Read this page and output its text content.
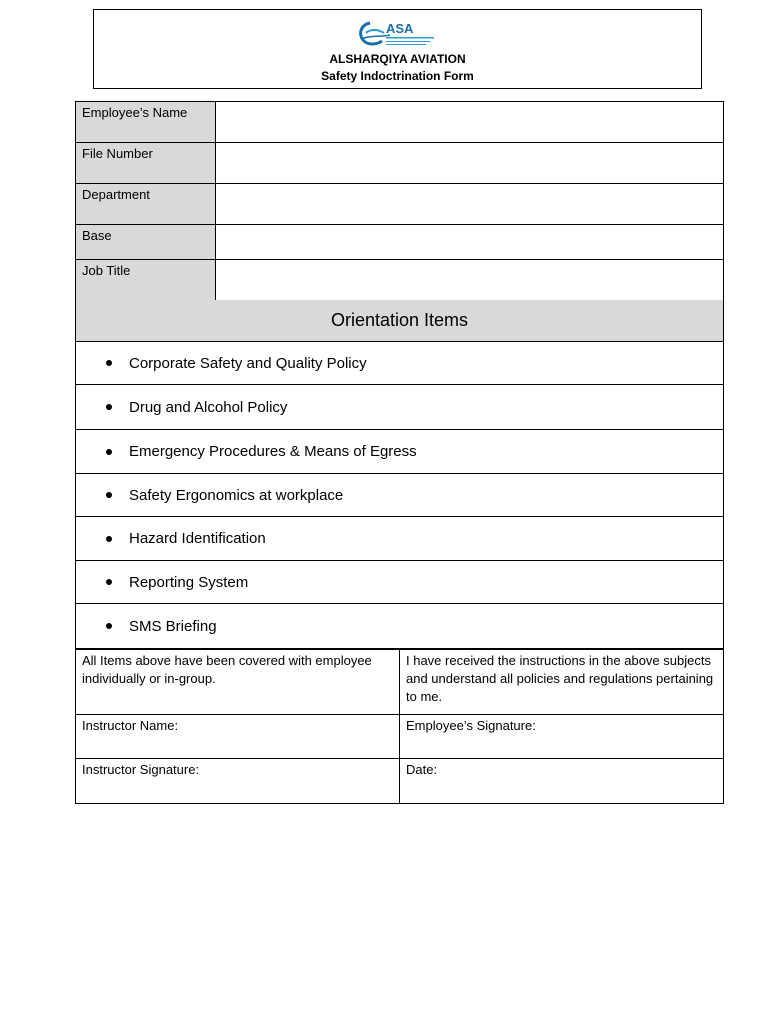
ASA
ALSHARQIYA AVIATION
Safety Indoctrination Form
Employee’s Name	
File Number	
Department	
Base	
Job Title	
Orientation Items
Corporate Safety and Quality Policy
Drug and Alcohol Policy
Emergency Procedures & Means of Egress
Safety Ergonomics at workplace
Hazard Identification
Reporting System
SMS Briefing
All Items above have been covered with employee individually or in-group.	I have received the instructions in the above subjects and understand all policies and regulations pertaining to me.
Instructor Name:	Employee’s Signature:
Instructor Signature:	Date:
